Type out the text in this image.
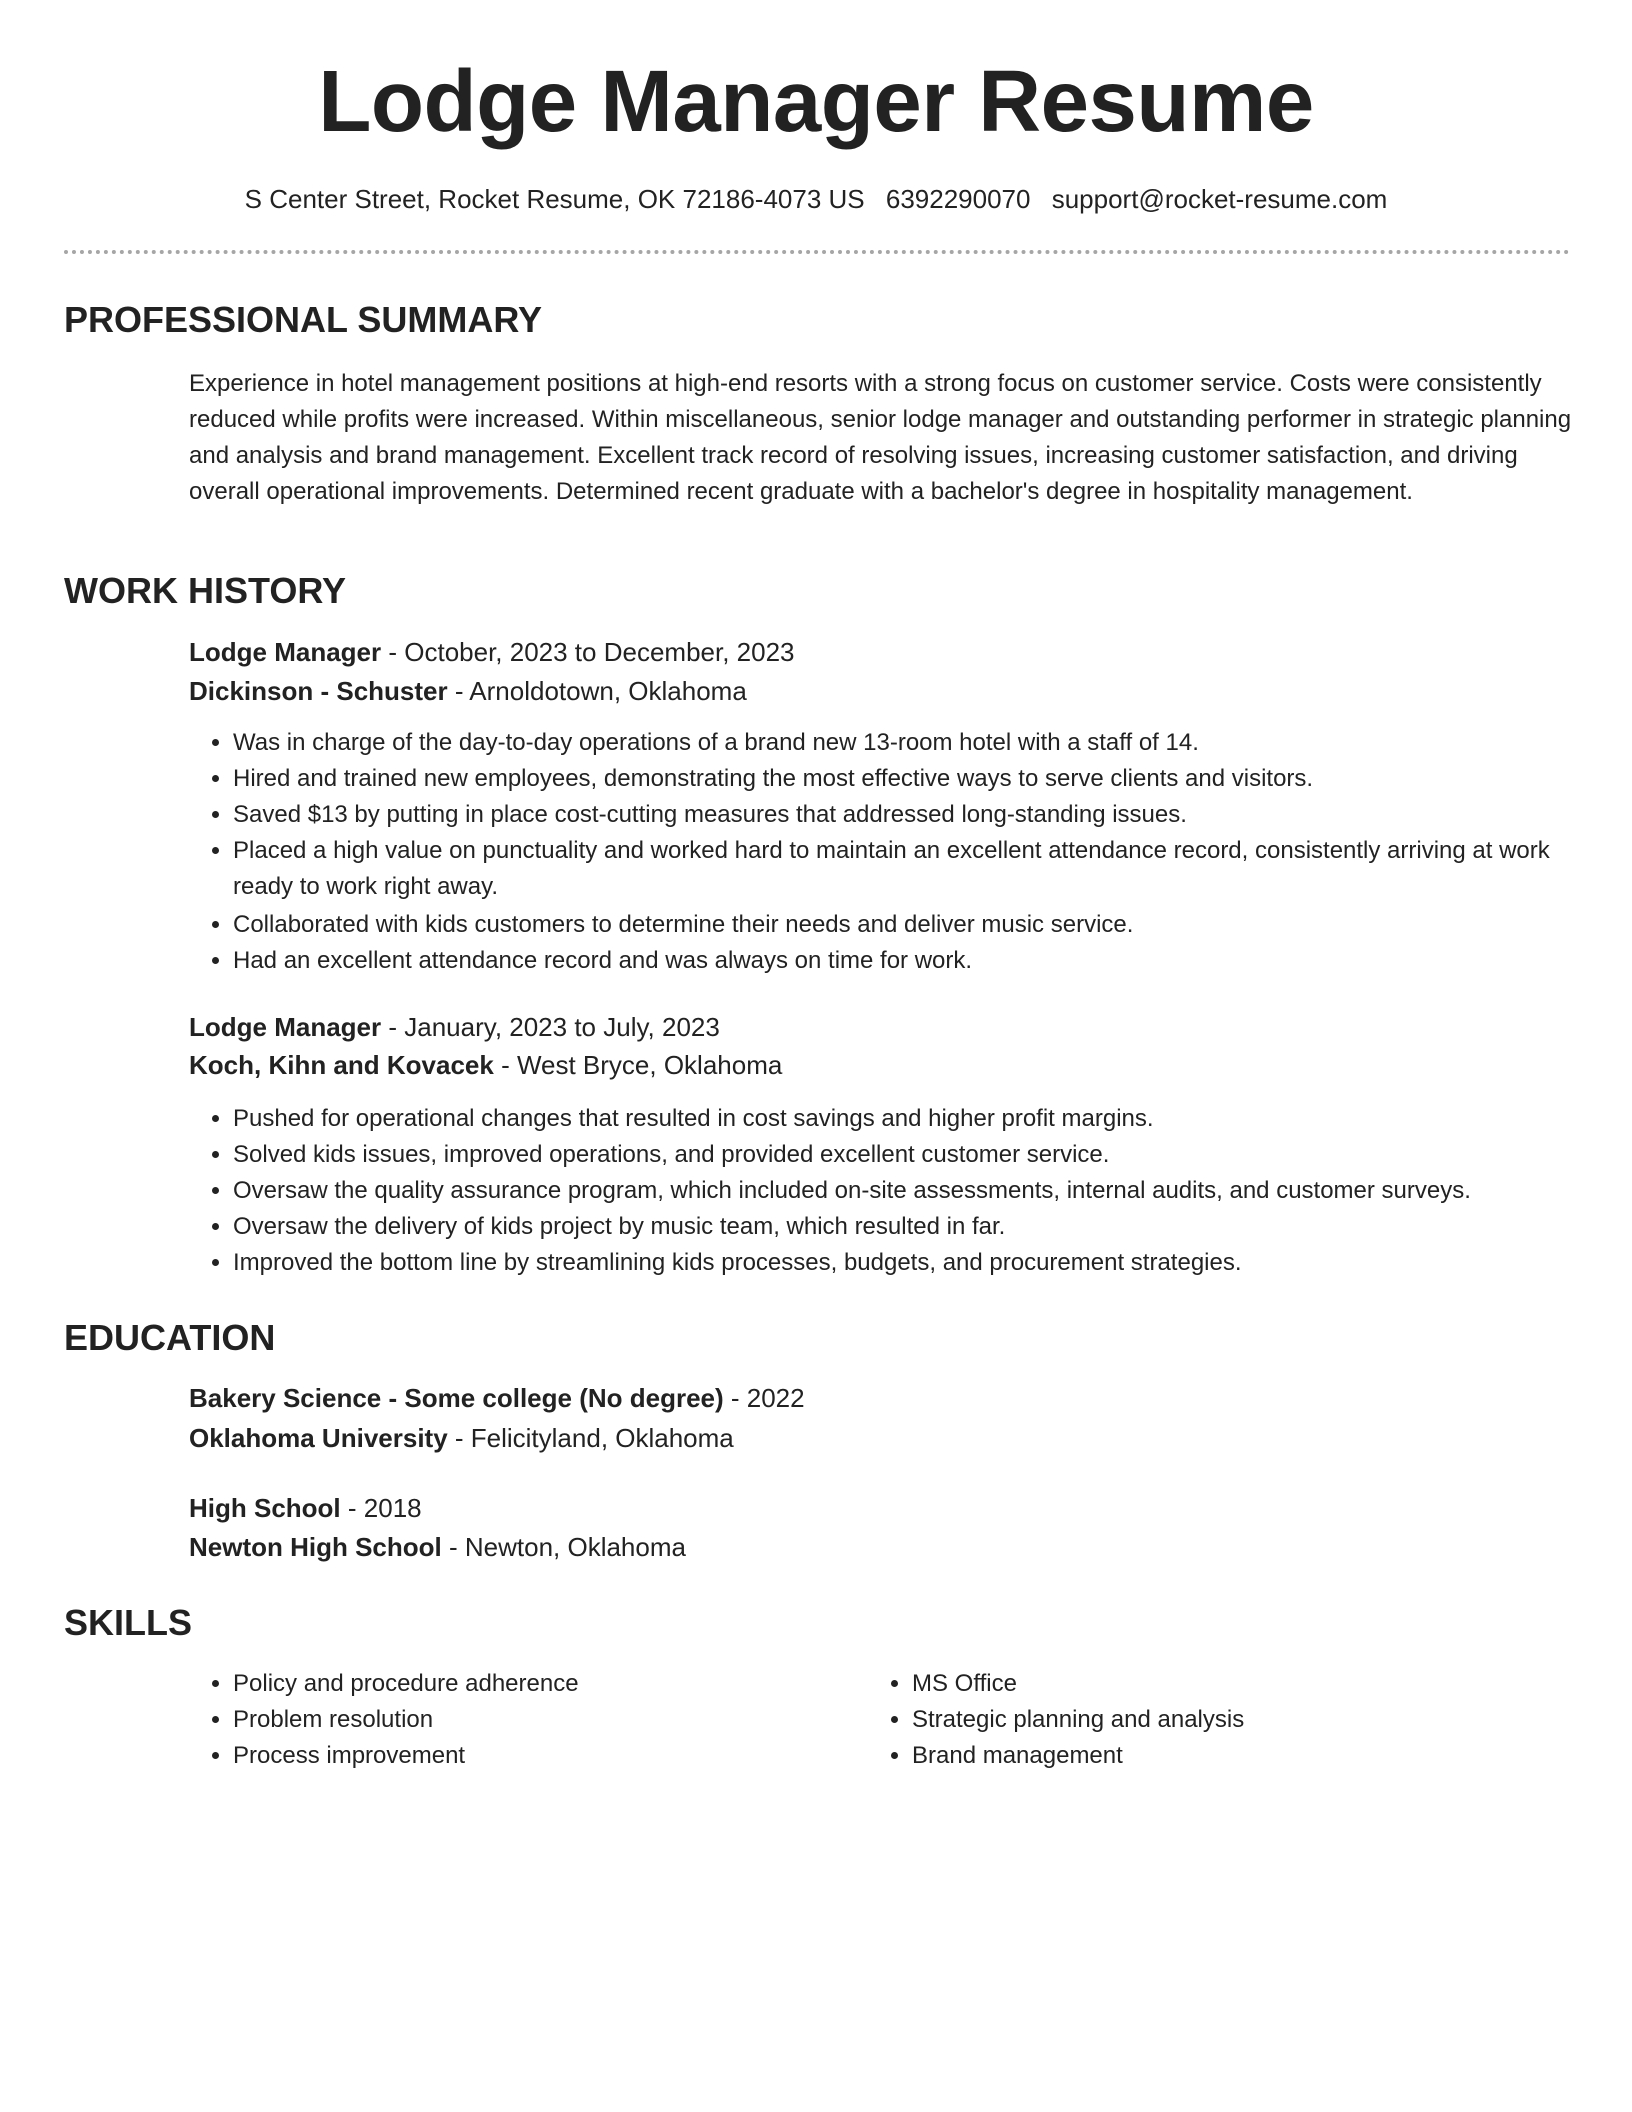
Lodge Manager Resume
S Center Street, Rocket Resume, OK 72186-4073 US 6392290070 support@rocket-resume.com
PROFESSIONAL SUMMARY

Experience in hotel management positions at high-end resorts with a strong focus on customer service. Costs were consistently reduced while profits were increased. Within miscellaneous, senior lodge manager and outstanding performer in strategic planning and analysis and brand management. Excellent track record of resolving issues, increasing customer satisfaction, and driving overall operational improvements. Determined recent graduate with a bachelor's degree in hospitality management.

WORK HISTORY
Lodge Manager - October, 2023 to December, 2023
Dickinson - Schuster - Arnoldotown, Oklahoma
• Was in charge of the day-to-day operations of a brand new 13-room hotel with a staff of 14.
• Hired and trained new employees, demonstrating the most effective ways to serve clients and visitors.
• Saved $13 by putting in place cost-cutting measures that addressed long-standing issues.
• Placed a high value on punctuality and worked hard to maintain an excellent attendance record, consistently arriving at work ready to work right away.
• Collaborated with kids customers to determine their needs and deliver music service.
• Had an excellent attendance record and was always on time for work.
Lodge Manager - January, 2023 to July, 2023
Koch, Kihn and Kovacek - West Bryce, Oklahoma
• Pushed for operational changes that resulted in cost savings and higher profit margins.
• Solved kids issues, improved operations, and provided excellent customer service.
• Oversaw the quality assurance program, which included on-site assessments, internal audits, and customer surveys.
• Oversaw the delivery of kids project by music team, which resulted in far.
• Improved the bottom line by streamlining kids processes, budgets, and procurement strategies.
EDUCATION
Bakery Science - Some college (No degree) - 2022
Oklahoma University - Felicityland, Oklahoma
High School - 2018
Newton High School - Newton, Oklahoma
SKILLS
• Policy and procedure adherence
• Problem resolution
• Process improvement
• MS Office
• Strategic planning and analysis
• Brand management
